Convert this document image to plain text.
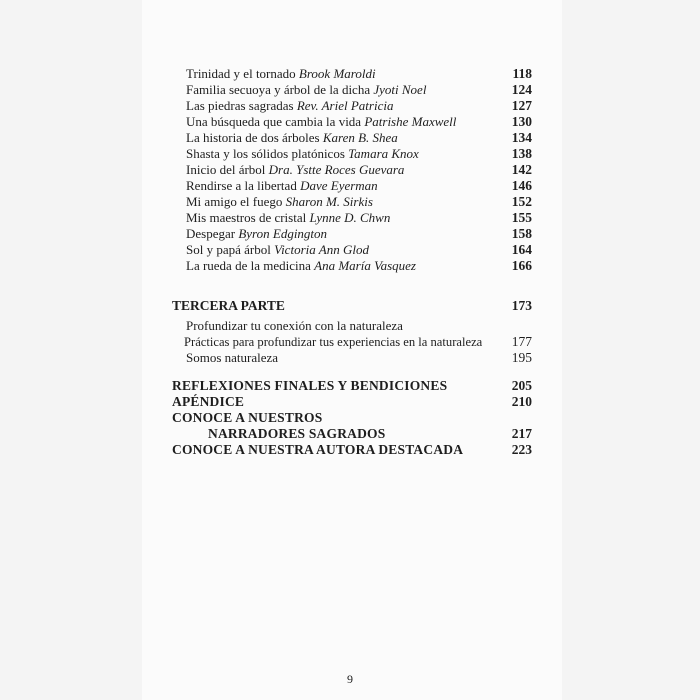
Trinidad y el tornado Brook Maroldi	118
Familia secuoya y árbol de la dicha Jyoti Noel	124
Las piedras sagradas Rev. Ariel Patricia	127
Una búsqueda que cambia la vida Patrishe Maxwell	130
La historia de dos árboles Karen B. Shea	134
Shasta y los sólidos platónicos Tamara Knox	138
Inicio del árbol Dra. Ystte Roces Guevara	142
Rendirse a la libertad Dave Eyerman	146
Mi amigo el fuego Sharon M. Sirkis	152
Mis maestros de cristal Lynne D. Chwn	155
Despegar Byron Edgington	158
Sol y papá árbol Victoria Ann Glod	164
La rueda de la medicina Ana María Vasquez	166
TERCERA PARTE	173
Profundizar tu conexión con la naturaleza
Prácticas para profundizar tus experiencias en la naturaleza 177
Somos naturaleza	195
REFLEXIONES FINALES Y BENDICIONES	205
APÉNDICE	210
CONOCE A NUESTROS
NARRADORES SAGRADOS	217
CONOCE A NUESTRA AUTORA DESTACADA	223
9
